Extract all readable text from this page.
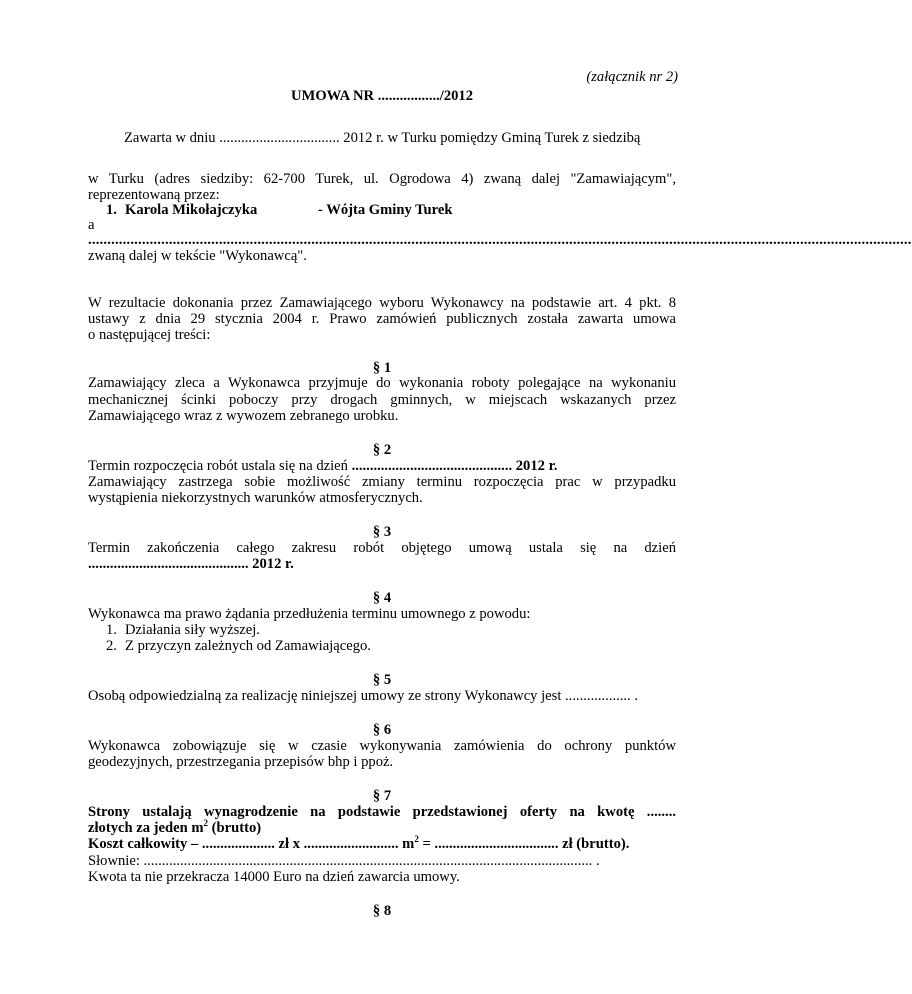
(załącznik nr 2)
UMOWA NR ................./2012
Zawarta w dniu ................................. 2012 r. w Turku pomiędzy Gminą Turek z siedzibą
w Turku (adres siedziby: 62-700 Turek, ul. Ogrodowa 4) zwaną dalej "Zamawiającym",
reprezentowaną przez:
1. Karola Mikołajczyka	- Wójta Gminy Turek
a
......................................................................................................................................................................................................................
zwaną dalej w tekście "Wykonawcą".
W rezultacie dokonania przez Zamawiającego wyboru Wykonawcy na podstawie art. 4 pkt. 8
ustawy z dnia 29 stycznia 2004 r. Prawo zamówień publicznych została zawarta umowa
o następującej treści:
§ 1
Zamawiający zleca a Wykonawca przyjmuje do wykonania roboty polegające na wykonaniu
mechanicznej ścinki poboczy przy drogach gminnych, w miejscach wskazanych przez
Zamawiającego wraz z wywozem zebranego urobku.
§ 2
Termin rozpoczęcia robót ustala się na dzień ............................................ 2012 r.
Zamawiający zastrzega sobie możliwość zmiany terminu rozpoczęcia prac w przypadku
wystąpienia niekorzystnych warunków atmosferycznych.
§ 3
Termin zakończenia całego zakresu robót objętego umową ustala się na dzień
............................................ 2012 r.
§ 4
Wykonawca ma prawo żądania przedłużenia terminu umownego z powodu:
1. Działania siły wyższej.
2. Z przyczyn zależnych od Zamawiającego.
§ 5
Osobą odpowiedzialną za realizację niniejszej umowy ze strony Wykonawcy jest .................. .
§ 6
Wykonawca zobowiązuje się w czasie wykonywania zamówienia do ochrony punktów
geodezyjnych, przestrzegania przepisów bhp i ppoż.
§ 7
Strony ustalają wynagrodzenie na podstawie przedstawionej oferty na kwotę ........
złotych za jeden $m^2$ (brutto)
Koszt całkowity – .................... zł x .......................... $m^2$ = .................................. zł (brutto).
Słownie: ........................................................................................................................... .
Kwota ta nie przekracza 14000 Euro na dzień zawarcia umowy.
§ 8
